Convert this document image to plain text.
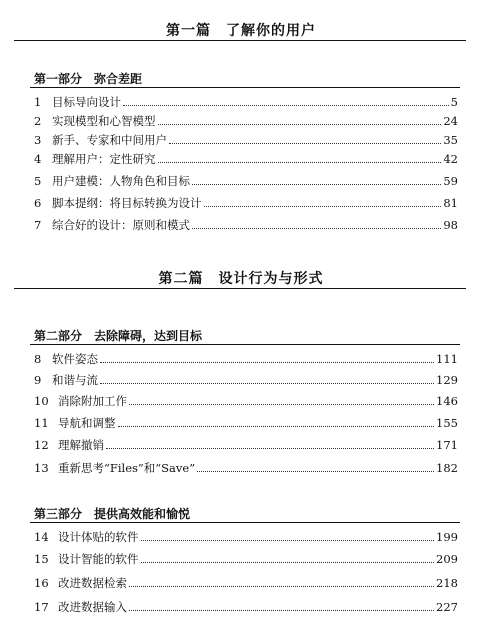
第一篇　了解你的用户
第一部分　弥合差距
1 目标导向设计	5
2 实现模型和心智模型	24
3 新手、专家和中间用户	35
4 理解用户：定性研究	42
5 用户建模：人物角色和目标	59
6 脚本提纲：将目标转换为设计	81
7 综合好的设计：原则和模式	98
第二篇　设计行为与形式
第二部分　去除障碍，达到目标
8 软件姿态	111
9 和谐与流	129
10 消除附加工作	146
11 导航和调整	155
12 理解撤销	171
13 重新思考“Files”和“Save”	182
第三部分　提供高效能和愉悦
14 设计体贴的软件	199
15 设计智能的软件	209
16 改进数据检索	218
17 改进数据输入	227
